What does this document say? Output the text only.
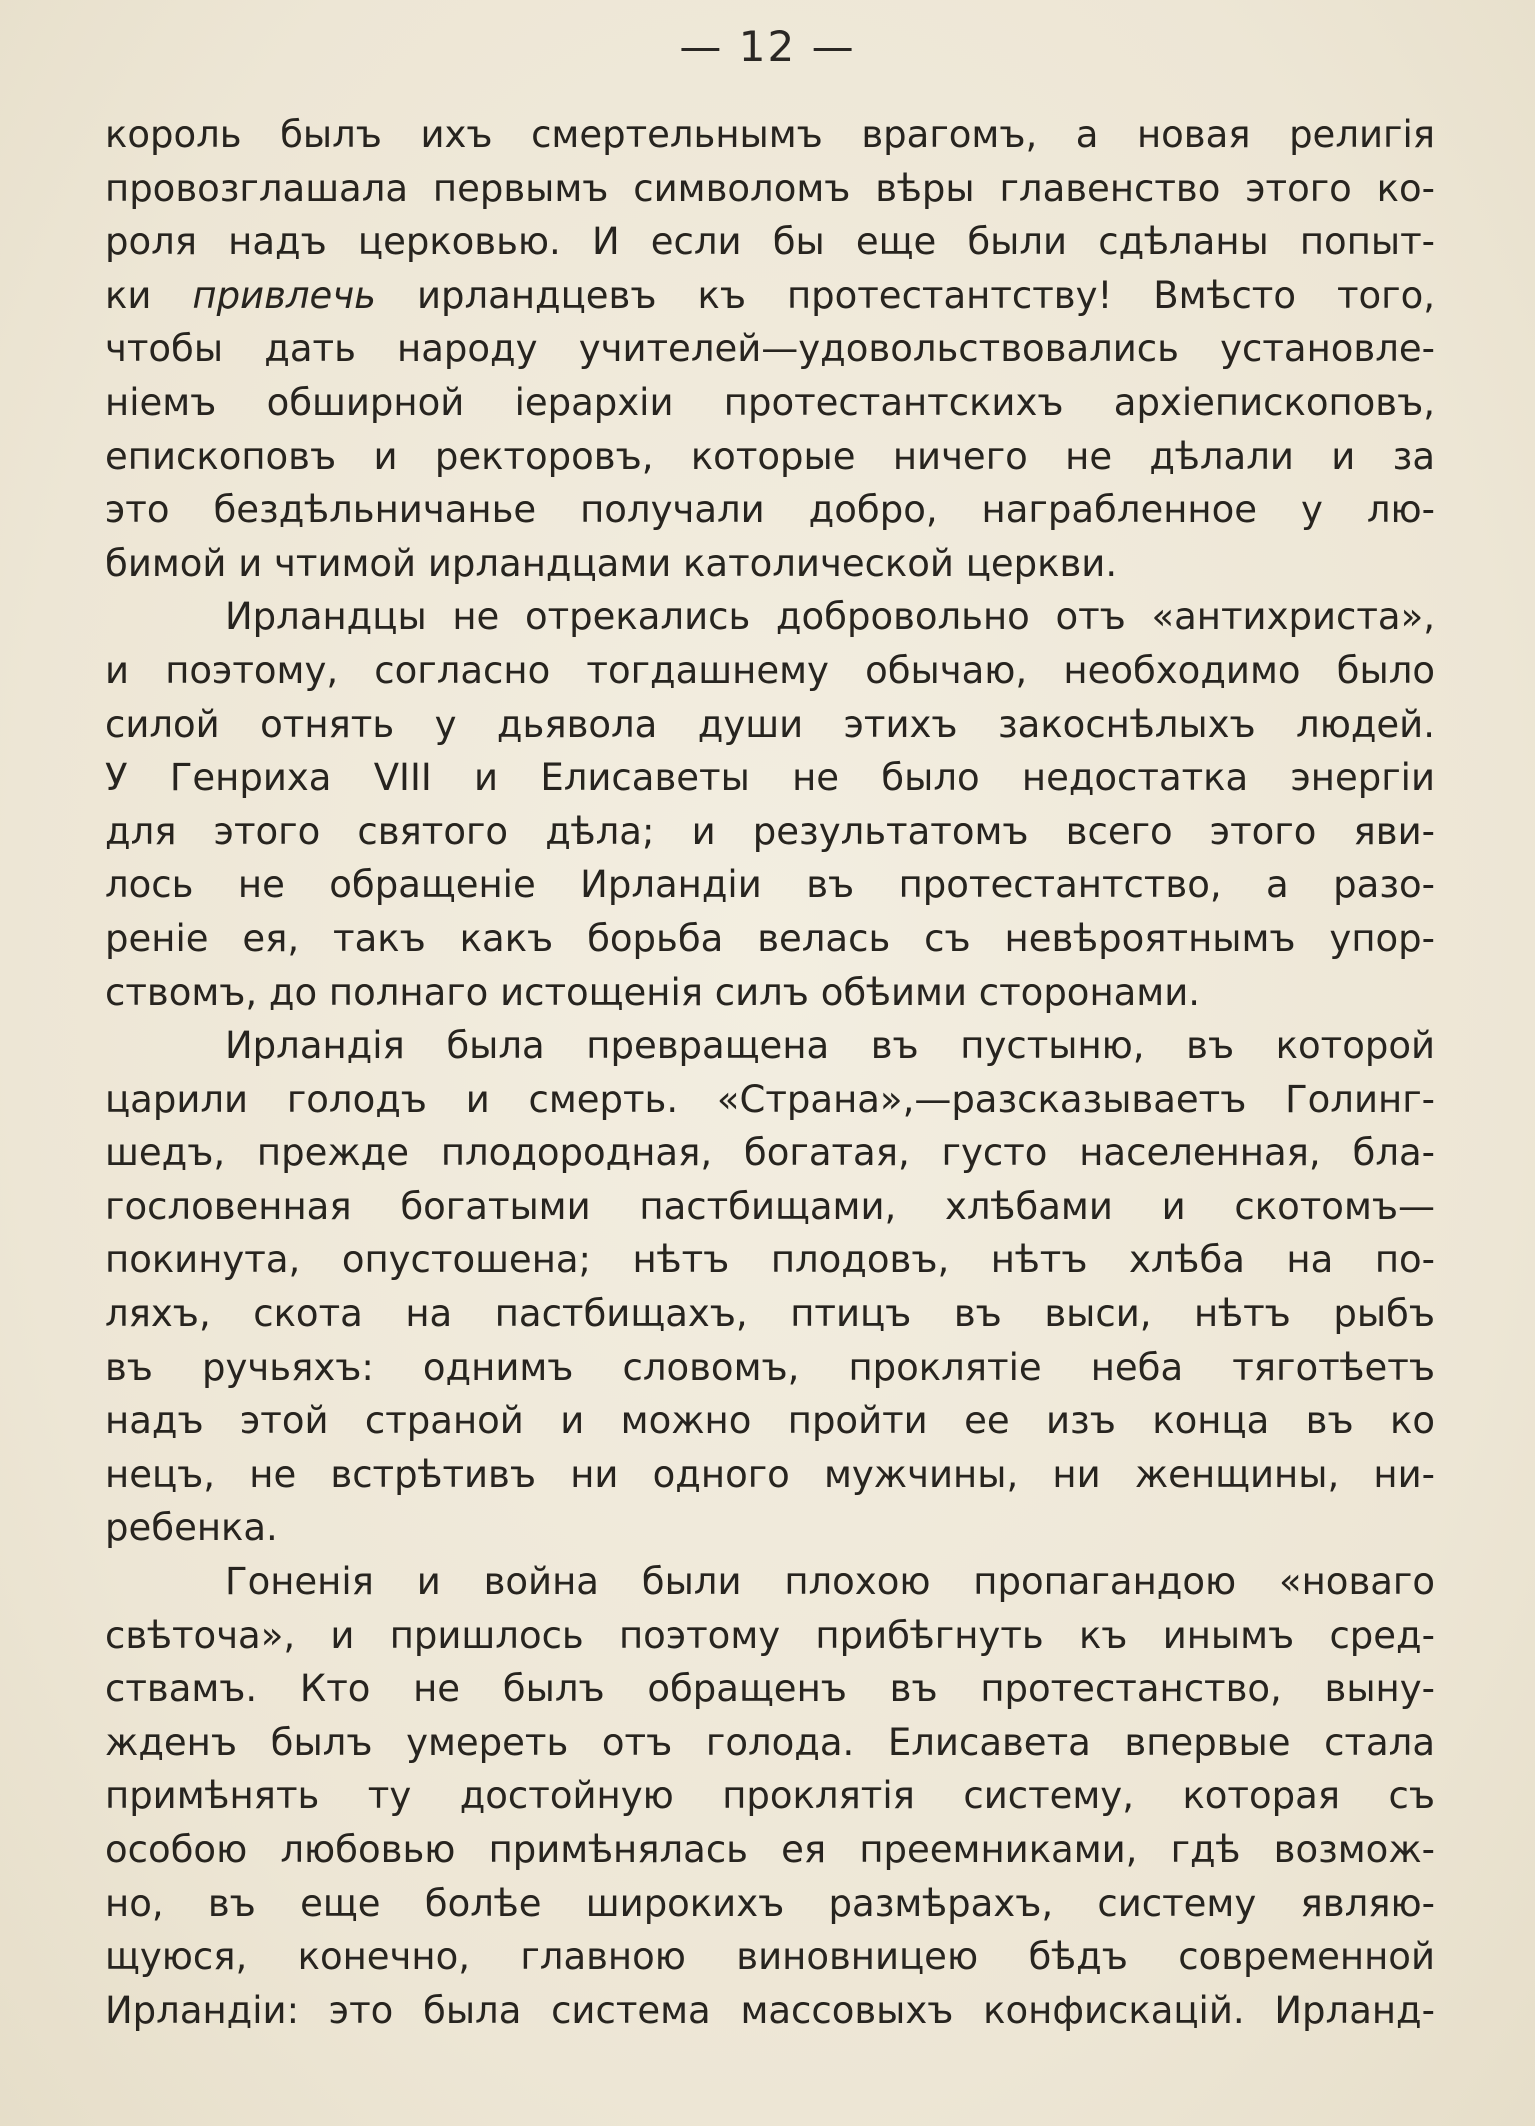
— 12 —
король былъ ихъ смертельнымъ врагомъ, а новая религія
провозглашала первымъ символомъ вѣры главенство этого ко-
роля надъ церковью. И если бы еще были сдѣланы попыт-
ки привлечь ирландцевъ къ протестантству! Вмѣсто того,
чтобы дать народу учителей—удовольствовались установле-
ніемъ обширной іерархіи протестантскихъ архіепископовъ,
епископовъ и ректоровъ, которые ничего не дѣлали и за
это бездѣльничанье получали добро, награбленное у лю-
бимой и чтимой ирландцами католической церкви.
Ирландцы не отрекались добровольно отъ «антихриста»,
и поэтому, согласно тогдашнему обычаю, необходимо было
силой отнять у дьявола души этихъ закоснѣлыхъ людей.
У Генриха VIII и Елисаветы не было недостатка энергіи
для этого святого дѣла; и результатомъ всего этого яви-
лось не обращеніе Ирландіи въ протестантство, а разо-
реніе ея, такъ какъ борьба велась съ невѣроятнымъ упор-
ствомъ, до полнаго истощенія силъ обѣими сторонами.
Ирландія была превращена въ пустыню, въ которой
царили голодъ и смерть. «Страна»,—разсказываетъ Голинг-
шедъ, прежде плодородная, богатая, густо населенная, бла-
гословенная богатыми пастбищами, хлѣбами и скотомъ—
покинута, опустошена; нѣтъ плодовъ, нѣтъ хлѣба на по-
ляхъ, скота на пастбищахъ, птицъ въ выси, нѣтъ рыбъ
въ ручьяхъ: однимъ словомъ, проклятіе неба тяготѣетъ
надъ этой страной и можно пройти ее изъ конца въ ко
нецъ, не встрѣтивъ ни одного мужчины, ни женщины, ни-
ребенка.
Гоненія и война были плохою пропагандою «новаго
свѣточа», и пришлось поэтому прибѣгнуть къ инымъ сред-
ствамъ. Кто не былъ обращенъ въ протестанство, выну-
жденъ былъ умереть отъ голода. Елисавета впервые стала
примѣнять ту достойную проклятія систему, которая съ
особою любовью примѣнялась ея преемниками, гдѣ возмож-
но, въ еще болѣе широкихъ размѣрахъ, систему являю-
щуюся, конечно, главною виновницею бѣдъ современной
Ирландіи: это была система массовыхъ конфискацій. Ирланд-
